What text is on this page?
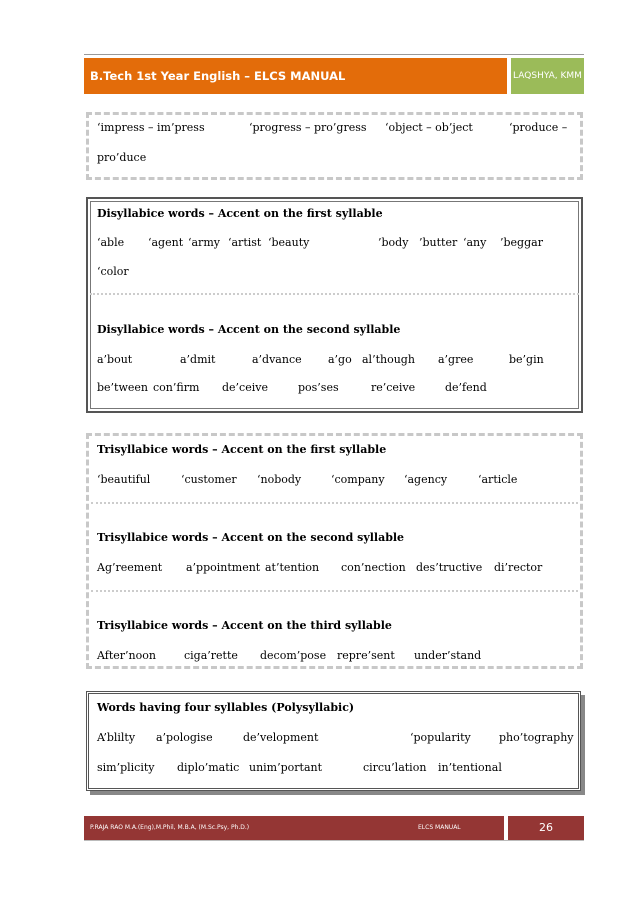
B.Tech 1st Year English – ELCS MANUAL	LAQSHYA, KMM
‘impress – im’press	‘progress – pro’gress ‘object – ob’ject	‘produce –
pro’duce
Disyllabice words – Accent on the first syllable
‘able ‘agent ‘army ‘artist ‘beauty	’body ’butter ‘any ’beggar
‘color
Disyllabice words – Accent on the second syllable
a’bout	a’dmit	a’dvance a’go al’though a’gree	be’gin
be’tween con’firm de’ceive	pos’ses	re’ceive	de’fend
Trisyllabice words – Accent on the first syllable
‘beautiful	‘customer ‘nobody	‘company ‘agency	‘article
Trisyllabice words – Accent on the second syllable
Ag’reement a’ppointment at’tention con’nection des’tructive di’rector
Trisyllabice words – Accent on the third syllable
After’noon	ciga’rette decom’pose repre’sent under’stand
Words having four syllables (Polysyllabic)
A’blilty a’pologise	de’velopment	‘popularity	pho’tography
sim’plicity diplo’matic unim’portant	circu’lation in’tentional
P.RAJA RAO M.A.(Eng),M.Phil, M.B.A, (M.Sc.Psy, Ph.D.)	ELCS MANUAL	26
